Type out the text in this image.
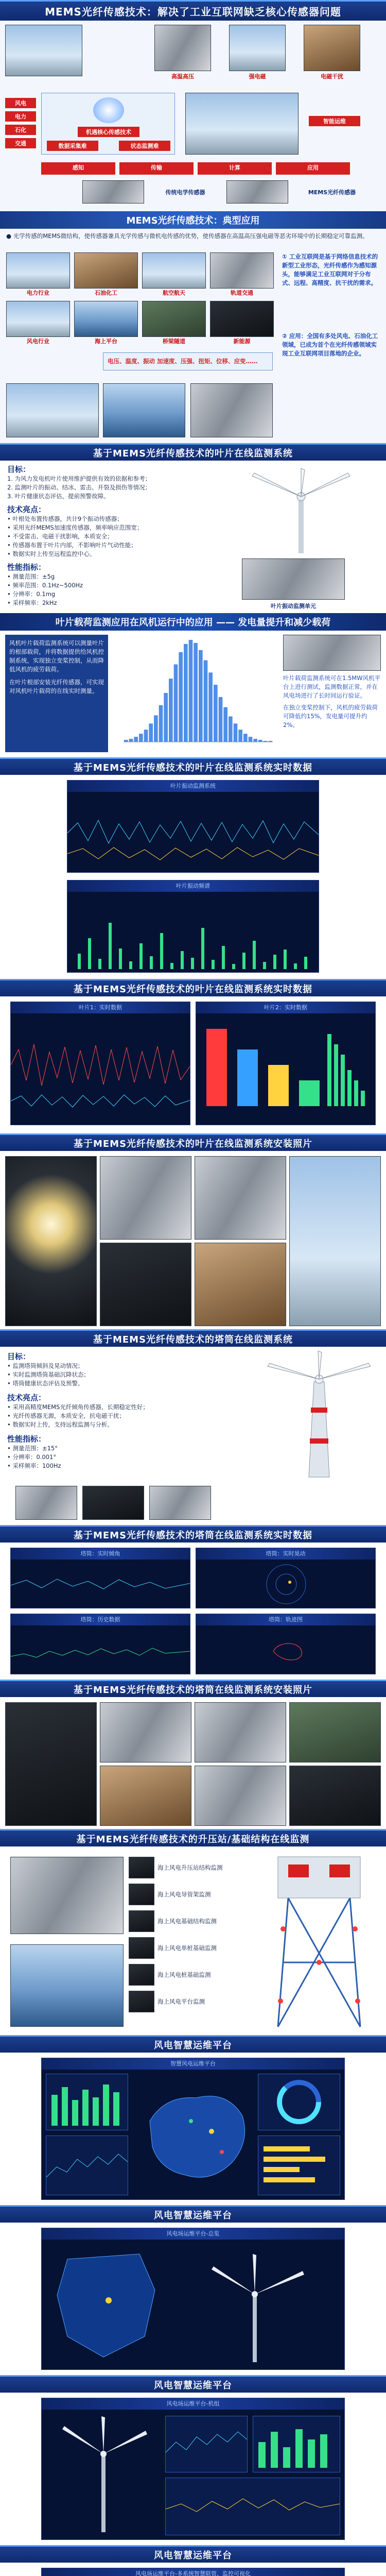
MEMS光纤传感技术：解决了工业互联网缺乏核心传感器问题
高温高压	强电磁	电磁干扰
风电
电力
石化
交通
机遇核心传感技术
数据采集难	状态监测难
智能运维
感知	传输	计算	应用
传统电学传感器	MEMS光纤传感器
MEMS光纤传感技术：典型应用
● 光学传感的MEMS微结构，使传感器兼具光学传感与微机电传感的优势，使传感器在高温高压强电磁等恶劣环境中的长期稳定可靠监测。
电力行业	石油化工	航空航天	轨道交通
风电行业	海上平台	桥梁隧道	新能源
电压、温度、振动 加速度、压强、扭矩、位移、应变……
① 工业互联网是基于网络信息技术的新型工业形态，光纤传感作为感知源头，能够满足工业互联网对于分布式、远程、高精度、抗干扰的需求。
② 应用：全国有多处风电、石油化工领域，已成为首个在光纤传感领域实现工业互联网项目落地的企业。
基于MEMS光纤传感技术的叶片在线监测系统
目标：
1. 为风力发电机叶片使用维护提供有效的依据和参考；
2. 监测叶片的振动、结冰、雷击、开裂及损伤等情况；
3. 叶片健康状态评估，提前预警故障。
技术亮点：
• 叶根处布置传感器，共计9个振动传感器；
• 采用光纤MEMS加速度传感器，频率响应范围宽；
• 不受雷击、电磁干扰影响，本质安全；
• 传感器布置于叶片内部，不影响叶片气动性能；
• 数据实时上传至远程监控中心。
性能指标：
• 测量范围：±5g
• 频率范围：0.1Hz~500Hz
• 分辨率：0.1mg
• 采样频率：2kHz	叶片振动监测单元
叶片载荷监测应用在风机运行中的应用 —— 发电量提升和减少载荷

风机叶片载荷监测系统可以测量叶片的根部载荷，并将数据提供给风机控制系统，实现独立变桨控制，从而降低风机的疲劳载荷。

在叶片根部安装光纤传感器，可实现对风机叶片载荷的在线实时测量。

叶片载荷监测系统可在1.5MW风机平台上进行测试，监测数据正常，并在风电场进行了长时间运行验证。

在独立变桨控制下，风机的疲劳载荷可降低约15%，发电量可提升约2%。

基于MEMS光纤传感技术的叶片在线监测系统实时数据
叶片振动监测系统
叶片振动频谱
基于MEMS光纤传感技术的叶片在线监测系统实时数据
叶片1：实时数据	叶片2：实时数据
基于MEMS光纤传感技术的叶片在线监测系统安装照片
基于MEMS光纤传感技术的塔筒在线监测系统
目标：
• 监测塔筒倾斜及晃动情况；
• 实时监测塔筒基础沉降状态；
• 塔筒健康状态评估及预警。
技术亮点：
• 采用高精度MEMS光纤倾角传感器，长期稳定性好；
• 光纤传感器无源，本质安全，抗电磁干扰；
• 数据实时上传，支持远程监测与分析。
性能指标：
• 测量范围：±15°
• 分辨率：0.001°
• 采样频率：100Hz
基于MEMS光纤传感技术的塔筒在线监测系统实时数据
塔筒：实时倾角	塔筒：实时晃动
塔筒：历史数据	塔筒：轨迹图
基于MEMS光纤传感技术的塔筒在线监测系统安装照片
基于MEMS光纤传感技术的升压站/基础结构在线监测
海上风电升压站结构监测
海上风电导管架监测
海上风电基础结构监测
海上风电单桩基础监测
海上风电桩基础监测
海上风电平台监测
风电智慧运维平台
智慧风电运维平台
风电智慧运维平台
风电场运维平台-总览
风电智慧运维平台
风电场运维平台-机组
风电智慧运维平台
风电场运维平台-多系统智慧联管、监控可视化
